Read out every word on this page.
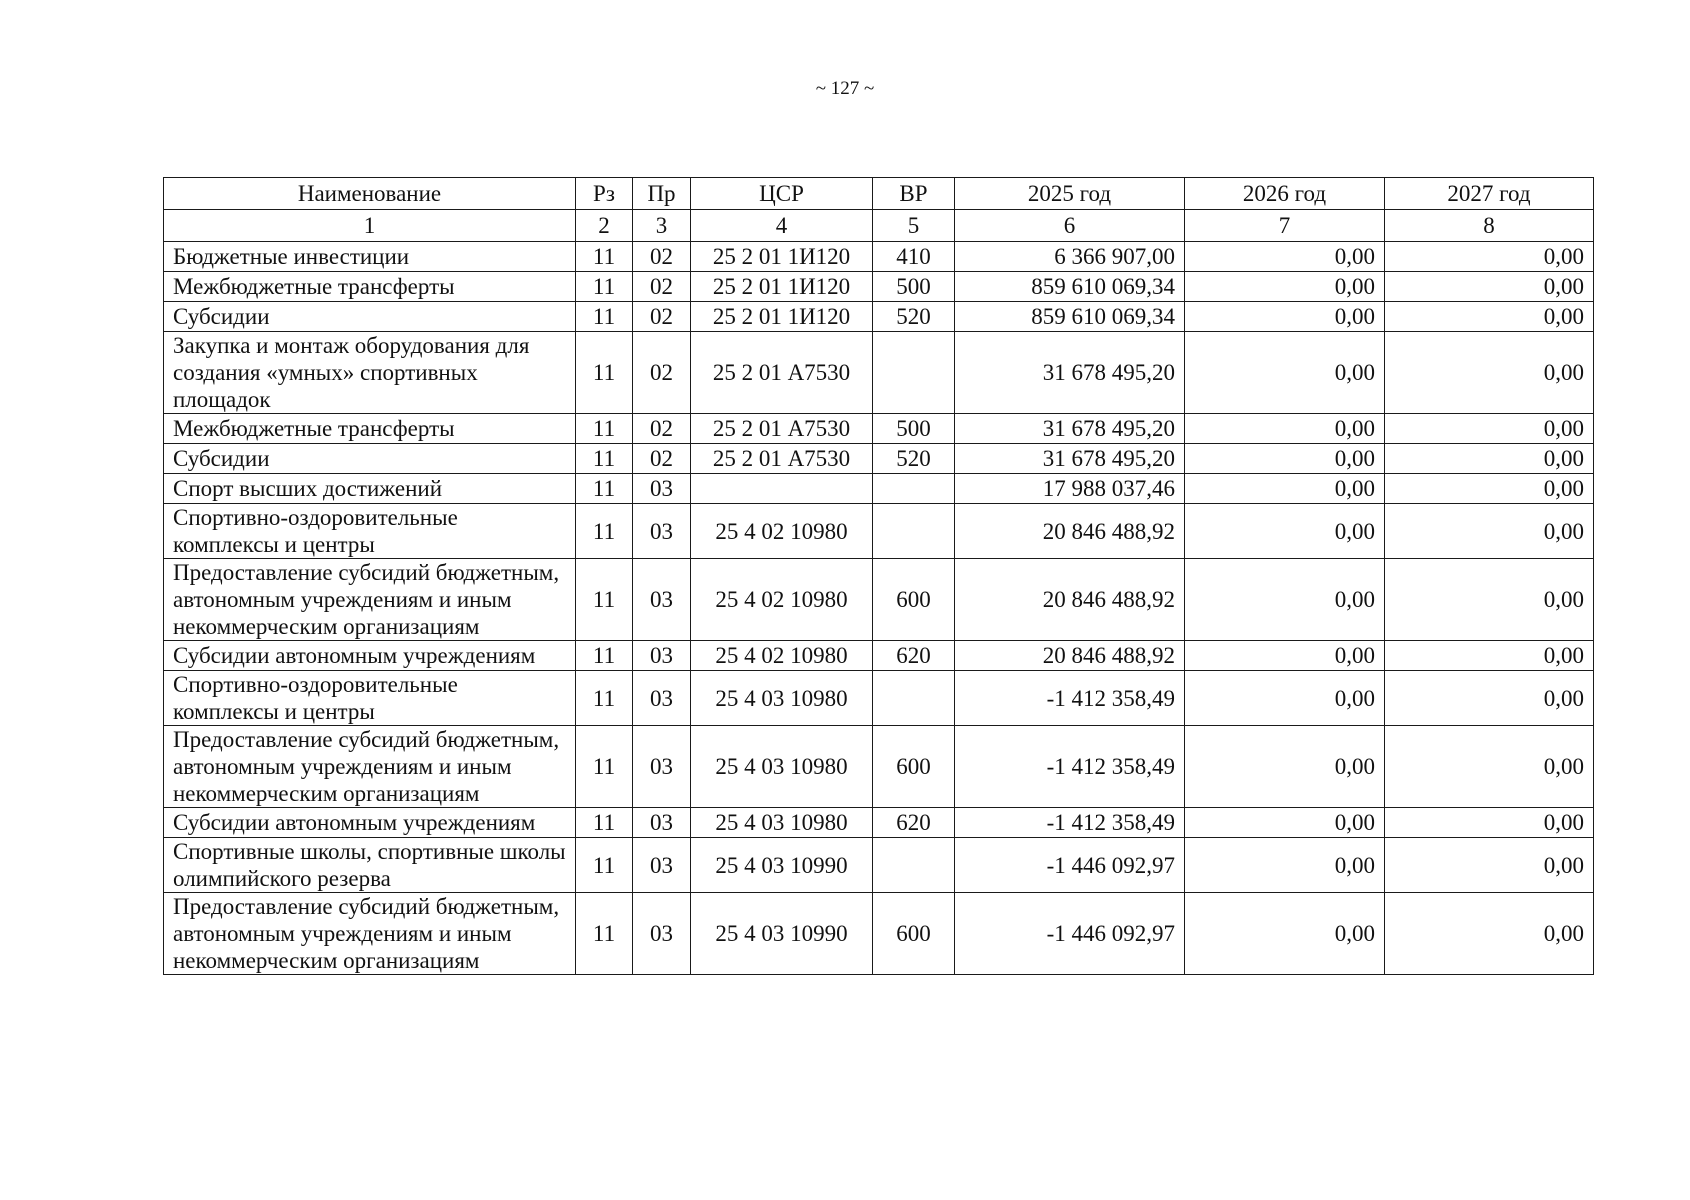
~ 127 ~
Наименование	Рз	Пр	ЦСР	ВР	2025 год	2026 год	2027 год
1	2	3	4	5	6	7	8
Бюджетные инвестиции	11	02	25 2 01 1И120	410	6 366 907,00	0,00	0,00
Межбюджетные трансферты	11	02	25 2 01 1И120	500	859 610 069,34	0,00	0,00
Субсидии	11	02	25 2 01 1И120	520	859 610 069,34	0,00	0,00
Закупка и монтаж оборудования для создания «умных» спортивных площадок	11	02	25 2 01 А7530		31 678 495,20	0,00	0,00
Межбюджетные трансферты	11	02	25 2 01 А7530	500	31 678 495,20	0,00	0,00
Субсидии	11	02	25 2 01 А7530	520	31 678 495,20	0,00	0,00
Спорт высших достижений	11	03			17 988 037,46	0,00	0,00
Спортивно-оздоровительные комплексы и центры	11	03	25 4 02 10980		20 846 488,92	0,00	0,00
Предоставление субсидий бюджетным, автономным учреждениям и иным некоммерческим организациям	11	03	25 4 02 10980	600	20 846 488,92	0,00	0,00
Субсидии автономным учреждениям	11	03	25 4 02 10980	620	20 846 488,92	0,00	0,00
Спортивно-оздоровительные комплексы и центры	11	03	25 4 03 10980		-1 412 358,49	0,00	0,00
Предоставление субсидий бюджетным, автономным учреждениям и иным некоммерческим организациям	11	03	25 4 03 10980	600	-1 412 358,49	0,00	0,00
Субсидии автономным учреждениям	11	03	25 4 03 10980	620	-1 412 358,49	0,00	0,00
Спортивные школы, спортивные школы олимпийского резерва	11	03	25 4 03 10990		-1 446 092,97	0,00	0,00
Предоставление субсидий бюджетным, автономным учреждениям и иным некоммерческим организациям	11	03	25 4 03 10990	600	-1 446 092,97	0,00	0,00
